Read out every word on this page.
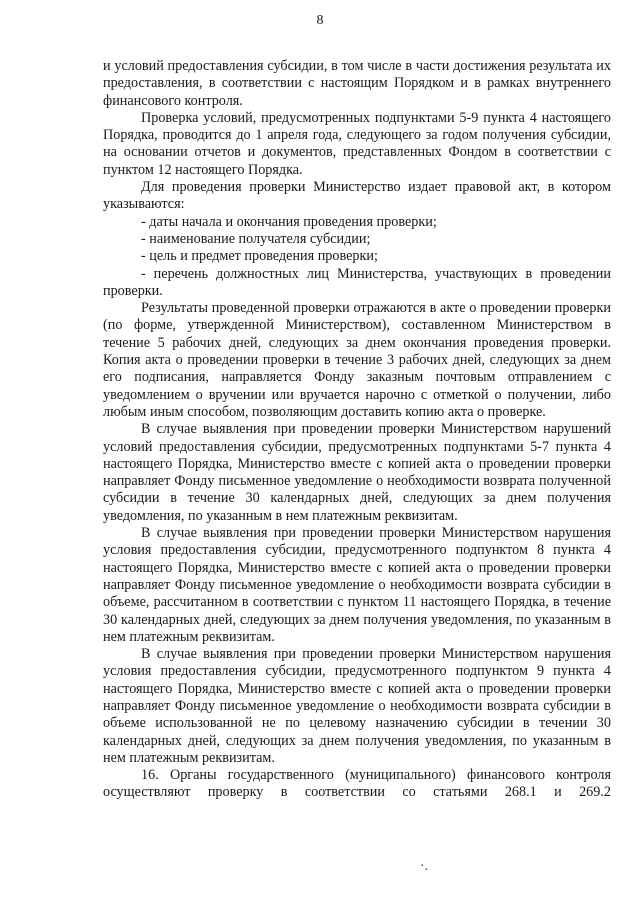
8

и условий предоставления субсидии, в том числе в части достижения результата их предоставления, в соответствии с настоящим Порядком и в рамках внутреннего финансового контроля.

Проверка условий, предусмотренных подпунктами 5-9 пункта 4 настоящего Порядка, проводится до 1 апреля года, следующего за годом получения субсидии, на основании отчетов и документов, представленных Фондом в соответствии с пунктом 12 настоящего Порядка.

Для проведения проверки Министерство издает правовой акт, в котором указываются:

- даты начала и окончания проведения проверки;

- наименование получателя субсидии;

- цель и предмет проведения проверки;

- перечень должностных лиц Министерства, участвующих в проведении проверки.

Результаты проведенной проверки отражаются в акте о проведении проверки (по форме, утвержденной Министерством), составленном Министерством в течение 5 рабочих дней, следующих за днем окончания проведения проверки. Копия акта о проведении проверки в течение 3 рабочих дней, следующих за днем его подписания, направляется Фонду заказным почтовым отправлением с уведомлением о вручении или вручается нарочно с отметкой о получении, либо любым иным способом, позволяющим доставить копию акта о проверке.

В случае выявления при проведении проверки Министерством нарушений условий предоставления субсидии, предусмотренных подпунктами 5-7 пункта 4 настоящего Порядка, Министерство вместе с копией акта о проведении проверки направляет Фонду письменное уведомление о необходимости возврата полученной субсидии в течение 30 календарных дней, следующих за днем получения уведомления, по указанным в нем платежным реквизитам.

В случае выявления при проведении проверки Министерством нарушения условия предоставления субсидии, предусмотренного подпунктом 8 пункта 4 настоящего Порядка, Министерство вместе с копией акта о проведении проверки направляет Фонду письменное уведомление о необходимости возврата субсидии в объеме, рассчитанном в соответствии с пунктом 11 настоящего Порядка, в течение 30 календарных дней, следующих за днем получения уведомления, по указанным в нем платежным реквизитам.

В случае выявления при проведении проверки Министерством нарушения условия предоставления субсидии, предусмотренного подпунктом 9 пункта 4 настоящего Порядка, Министерство вместе с копией акта о проведении проверки направляет Фонду письменное уведомление о необходимости возврата субсидии в объеме использованной не по целевому назначению субсидии в течении 30 календарных дней, следующих за днем получения уведомления, по указанным в нем платежным реквизитам.

16. Органы государственного (муниципального) финансового контроля осуществляют проверку в соответствии со статьями 268.1 и 269.2

·.
